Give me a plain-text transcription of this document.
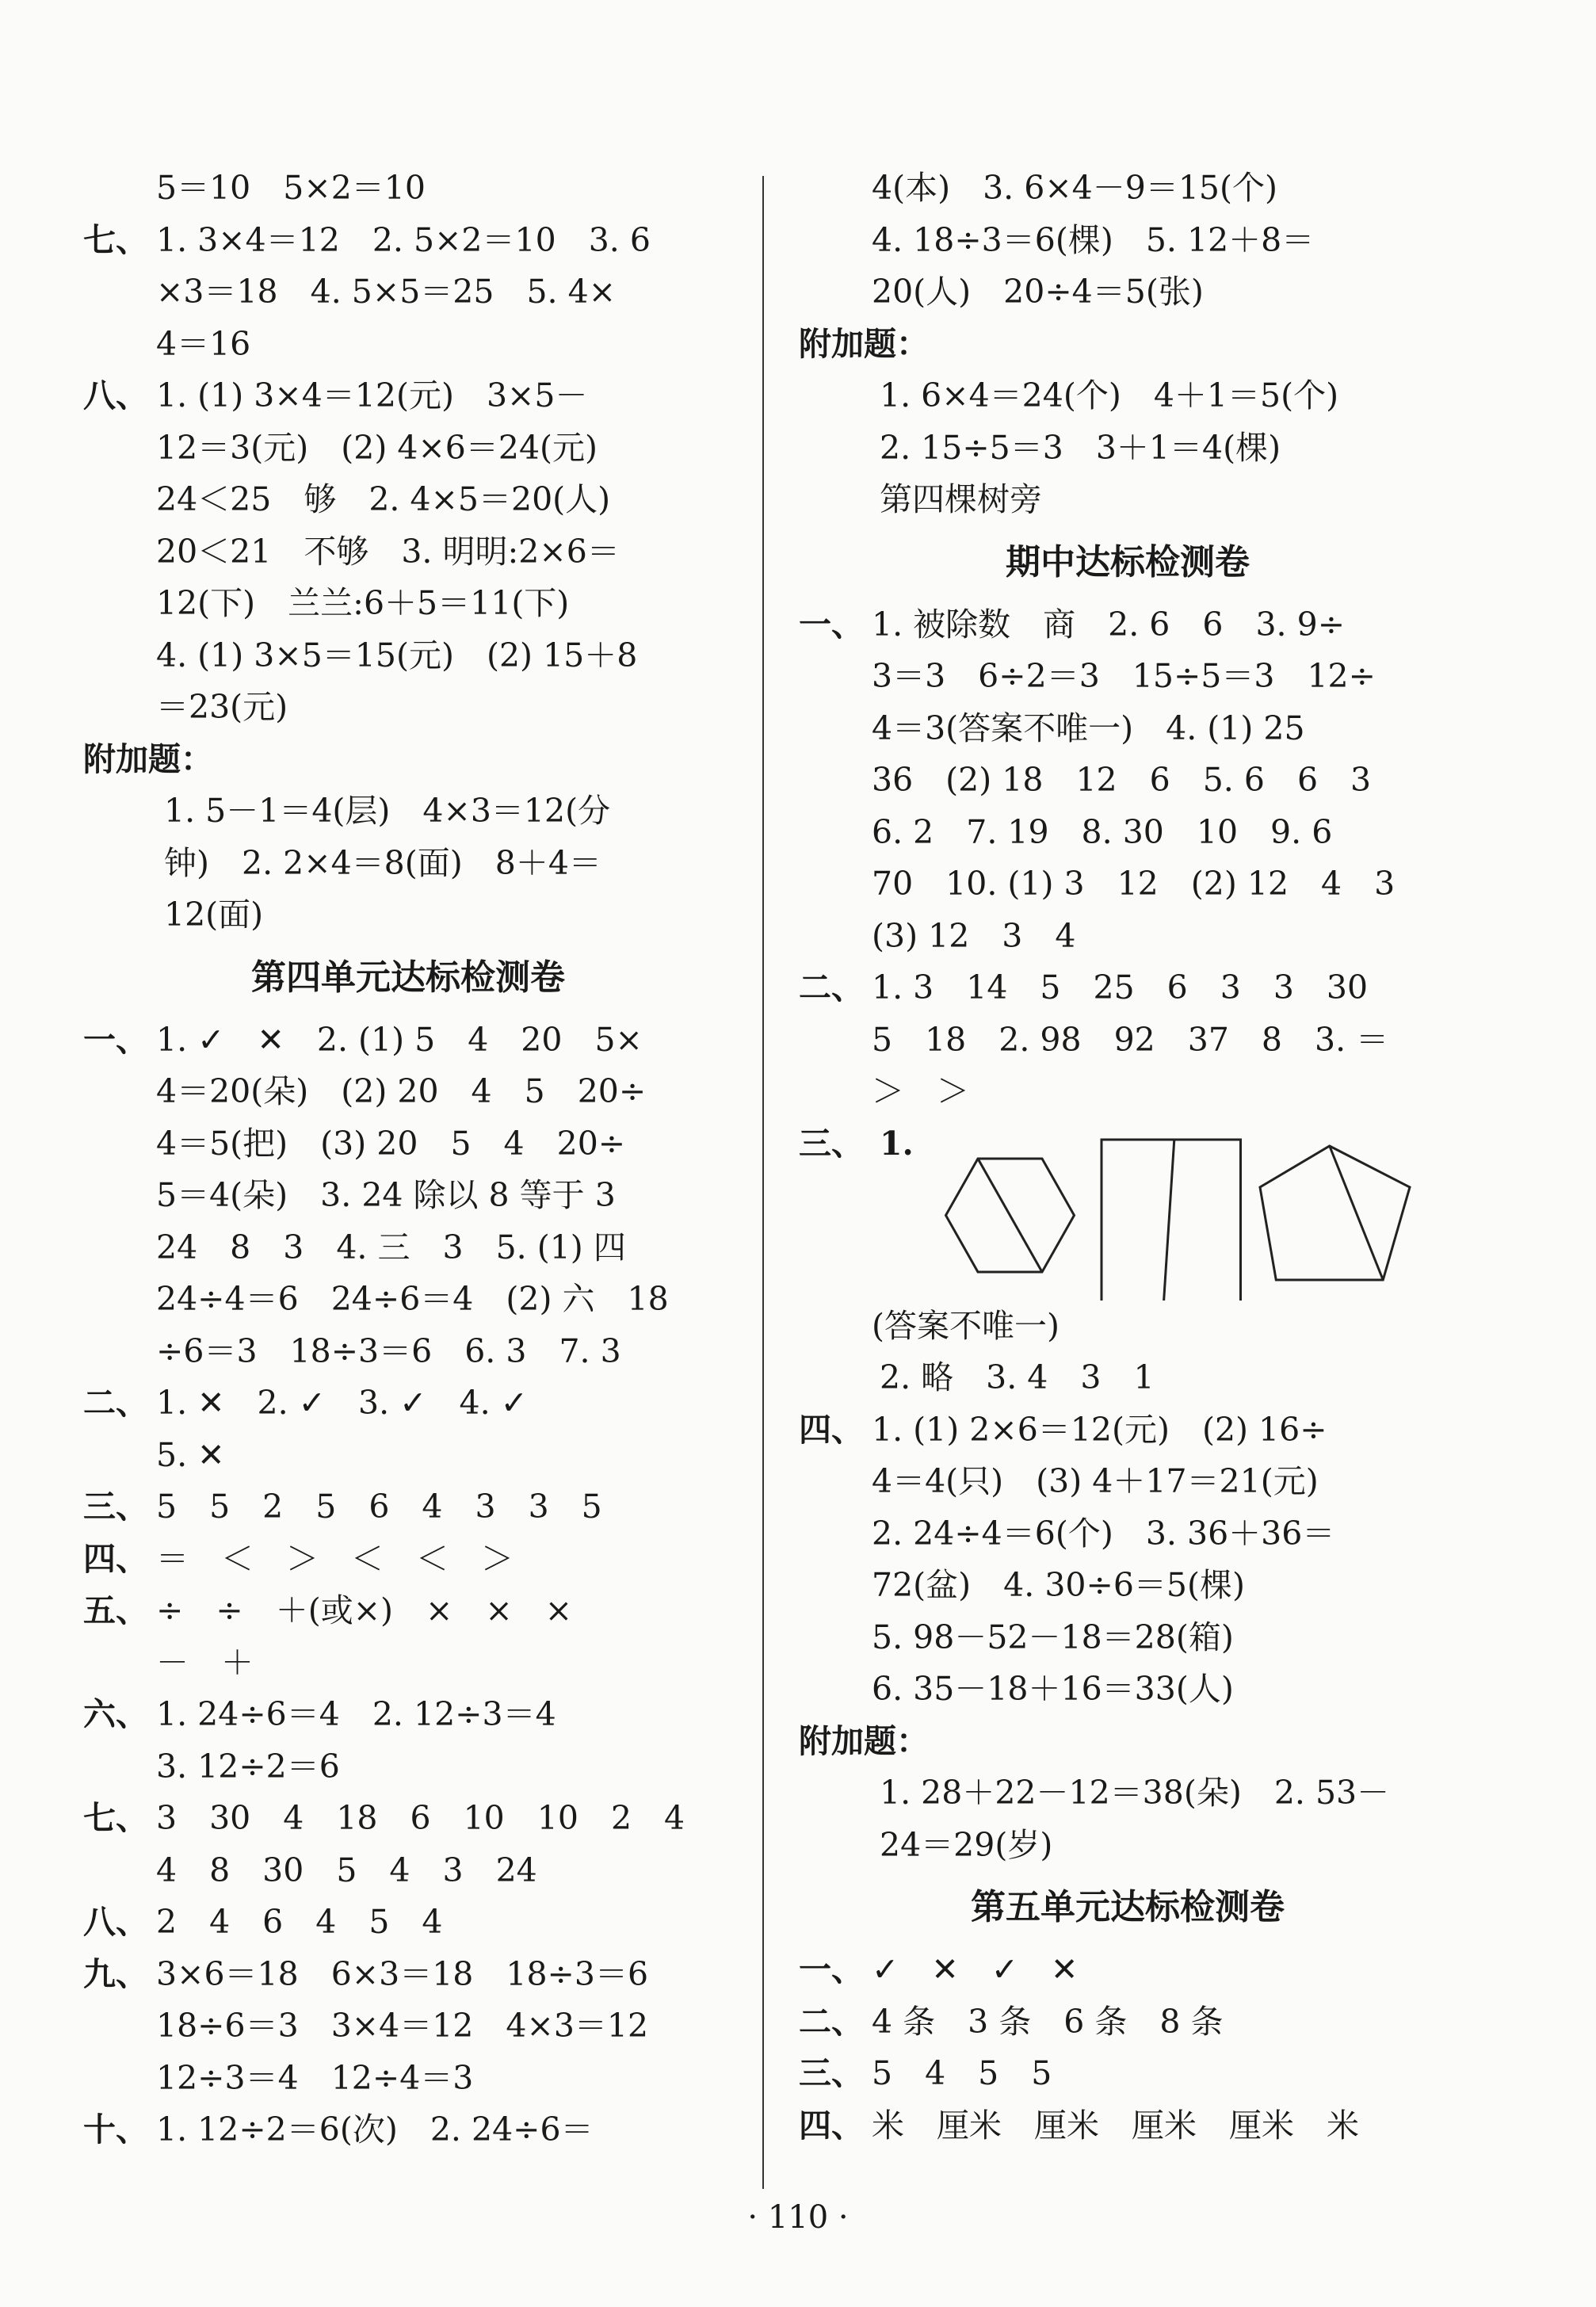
5＝10　5×2＝10
七、 1. 3×4＝12　2. 5×2＝10　3. 6
×3＝18　4. 5×5＝25　5. 4×
4＝16
八、 1. (1) 3×4＝12(元)　3×5－
12＝3(元)　(2) 4×6＝24(元)
24＜25　够　2. 4×5＝20(人)
20＜21　不够　3. 明明:2×6＝
12(下)　兰兰:6＋5＝11(下)
4. (1) 3×5＝15(元)　(2) 15＋8
＝23(元)
附加题：
1. 5－1＝4(层)　4×3＝12(分
钟)　2. 2×4＝8(面)　8＋4＝
12(面)
第四单元达标检测卷
一、 1. ✓　✕　2. (1) 5　4　20　5×
4＝20(朵)　(2) 20　4　5　20÷
4＝5(把)　(3) 20　5　4　20÷
5＝4(朵)　3. 24 除以 8 等于 3
24　8　3　4. 三　3　5. (1) 四
24÷4＝6　24÷6＝4　(2) 六　18
÷6＝3　18÷3＝6　6. 3　7. 3
二、 1. ✕　2. ✓　3. ✓　4. ✓
5. ✕
三、 5　5　2　5　6　4　3　3　5
四、 ＝　＜　＞　＜　＜　＞
五、 ÷　÷　＋(或×)　×　×　×
－　＋
六、 1. 24÷6＝4　2. 12÷3＝4
3. 12÷2＝6
七、 3　30　4　18　6　10　10　2　4
4　8　30　5　4　3　24
八、 2　4　6　4　5　4
九、 3×6＝18　6×3＝18　18÷3＝6
18÷6＝3　3×4＝12　4×3＝12
12÷3＝4　12÷4＝3
十、 1. 12÷2＝6(次)　2. 24÷6＝
4(本)　3. 6×4－9＝15(个)
4. 18÷3＝6(棵)　5. 12＋8＝
20(人)　20÷4＝5(张)
附加题：
1. 6×4＝24(个)　4＋1＝5(个)
2. 15÷5＝3　3＋1＝4(棵)
第四棵树旁
期中达标检测卷
一、 1. 被除数　商　2. 6　6　3. 9÷
3＝3　6÷2＝3　15÷5＝3　12÷
4＝3(答案不唯一)　4. (1) 25
36　(2) 18　12　6　5. 6　6　3
6. 2　7. 19　8. 30　10　9. 6
70　10. (1) 3　12　(2) 12　4　3
(3) 12　3　4
二、 1. 3　14　5　25　6　3　3　30
5　18　2. 98　92　37　8　3. ＝
＞　＞
三、 1.
(答案不唯一)
2. 略　3. 4　3　1
四、 1. (1) 2×6＝12(元)　(2) 16÷
4＝4(只)　(3) 4＋17＝21(元)
2. 24÷4＝6(个)　3. 36＋36＝
72(盆)　4. 30÷6＝5(棵)
5. 98－52－18＝28(箱)
6. 35－18＋16＝33(人)
附加题：
1. 28＋22－12＝38(朵)　2. 53－
24＝29(岁)
第五单元达标检测卷
一、 ✓　✕　✓　✕
二、 4 条　3 条　6 条　8 条
三、 5　4　5　5
四、 米　厘米　厘米　厘米　厘米　米
· 110 ·
